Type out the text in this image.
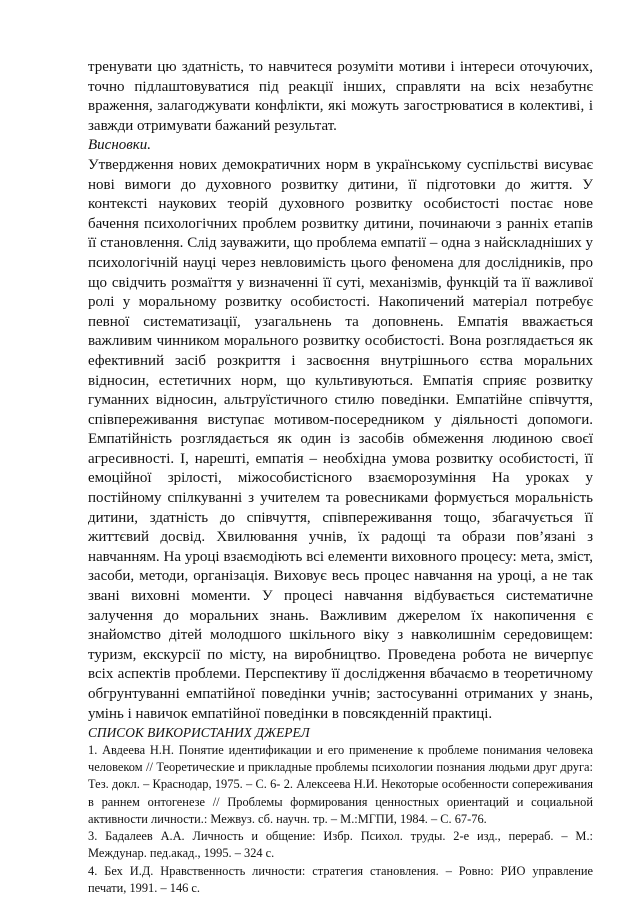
тренувати цю здатність, то навчитеся розуміти мотиви і інтереси оточуючих, точно підлаштовуватися під реакції інших, справляти на всіх незабутнє враження, залагоджувати конфлікти, які можуть загострюватися в колективі, і завжди отримувати бажаний результат.

Висновки.

Утвердження нових демократичних норм в українському суспільстві висуває нові вимоги до духовного розвитку дитини, її підготовки до життя. У контексті наукових теорій духовного розвитку особистості постає нове бачення психологічних проблем розвитку дитини, починаючи з ранніх етапів її становлення. Слід зауважити, що проблема емпатії – одна з найскладніших у психологічній науці через невловимість цього феномена для дослідників, про що свідчить розмаїття у визначенні її суті, механізмів, функцій та її важливої ролі у моральному розвитку особистості. Накопичений матеріал потребує певної систематизації, узагальнень та доповнень. Емпатія вважається важливим чинником морального розвитку особистості. Вона розглядається як ефективний засіб розкриття і засвоєння внутрішнього єства моральних відносин, естетичних норм, що культивуються. Емпатія сприяє розвитку гуманних відносин, альтруїстичного стилю поведінки. Емпатійне співчуття, співпереживання виступає мотивом-посередником у діяльності допомоги. Емпатійність розглядається як один із засобів обмеження людиною своєї агресивності. І, нарешті, емпатія – необхідна умова розвитку особистості, її емоційної зрілості, міжособистісного взаєморозуміння На уроках у постійному спілкуванні з учителем та ровесниками формується моральність дитини, здатність до співчуття, співпереживання тощо, збагачується її життєвий досвід. Хвилювання учнів, їх радощі та образи пов’язані з навчанням. На уроці взаємодіють всі елементи виховного процесу: мета, зміст, засоби, методи, організація. Виховує весь процес навчання на уроці, а не так звані виховні моменти. У процесі навчання відбувається систематичне залучення до моральних знань. Важливим джерелом їх накопичення є знайомство дітей молодшого шкільного віку з навколишнім середовищем: туризм, екскурсії по місту, на виробництво. Проведена робота не вичерпує всіх аспектів проблеми. Перспективу її дослідження вбачаємо в теоретичному обгрунтуванні емпатійної поведінки учнів; застосуванні отриманих у знань, умінь і навичок емпатійної поведінки в повсякденній практиці.

СПИСОК ВИКОРИСТАНИХ ДЖЕРЕЛ

1. Авдеева Н.Н. Понятие идентификации и его применение к проблеме понимания человека человеком // Теоретические и прикладные проблемы психологии познания людьми друг друга: Тез. докл. – Краснодар, 1975. – С. 6- 2. Алексеева Н.И. Некоторые особенности сопереживания в раннем онтогенезе // Проблемы формирования ценностных ориентаций и социальной активности личности.: Межвуз. сб. научн. тр. – М.:МГПИ, 1984. – С. 67-76.
3. Бадалеев А.А. Личность и общение: Избр. Психол. труды. 2-е изд., перераб. – М.: Междунар. пед.акад., 1995. – 324 с.
4. Бех И.Д. Нравственность личности: стратегия становления. – Ровно: РИО управление печати, 1991. – 146 с.
